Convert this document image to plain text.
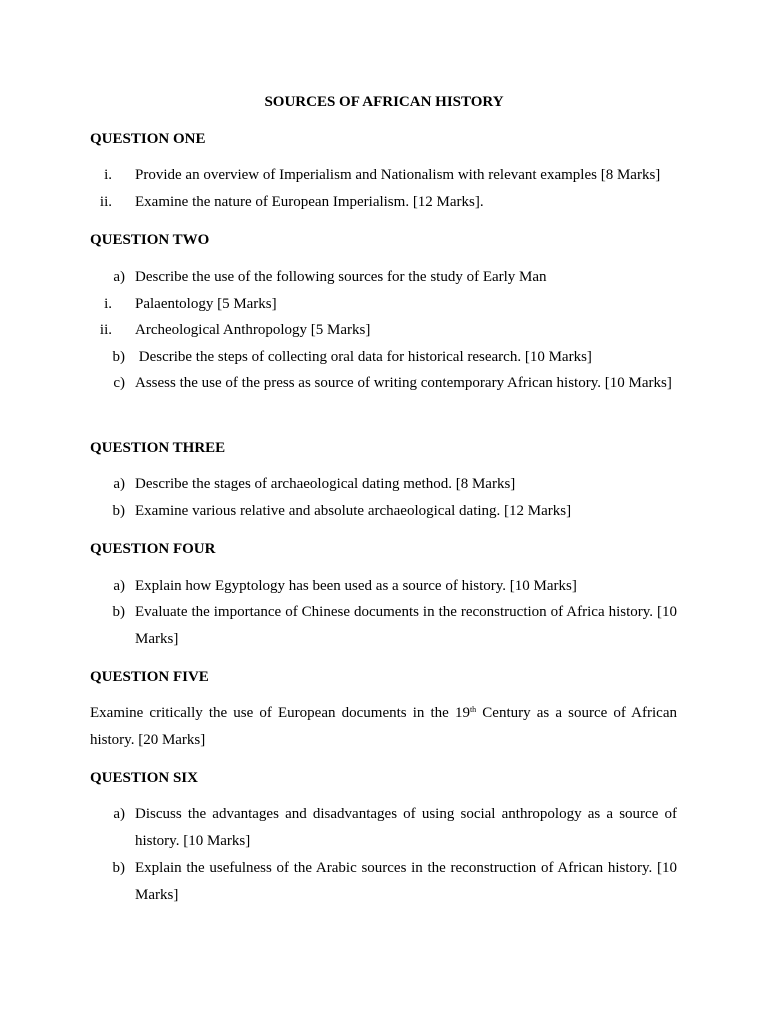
SOURCES OF AFRICAN HISTORY
QUESTION ONE
i. Provide an overview of Imperialism and Nationalism with relevant examples [8 Marks]
ii. Examine the nature of European Imperialism. [12 Marks].
QUESTION TWO
a) Describe the use of the following sources for the study of Early Man
i. Palaentology [5 Marks]
ii. Archeological Anthropology [5 Marks]
b) Describe the steps of collecting oral data for historical research. [10 Marks]
c) Assess the use of the press as source of writing contemporary African history. [10 Marks]
QUESTION THREE
a) Describe the stages of archaeological dating method. [8 Marks]
b) Examine various relative and absolute archaeological dating. [12 Marks]
QUESTION FOUR
a) Explain how Egyptology has been used as a source of history. [10 Marks]
b) Evaluate the importance of Chinese documents in the reconstruction of Africa history. [10 Marks]
QUESTION FIVE
Examine critically the use of European documents in the 19th Century as a source of African history. [20 Marks]
QUESTION SIX
a) Discuss the advantages and disadvantages of using social anthropology as a source of history. [10 Marks]
b) Explain the usefulness of the Arabic sources in the reconstruction of African history. [10 Marks]
